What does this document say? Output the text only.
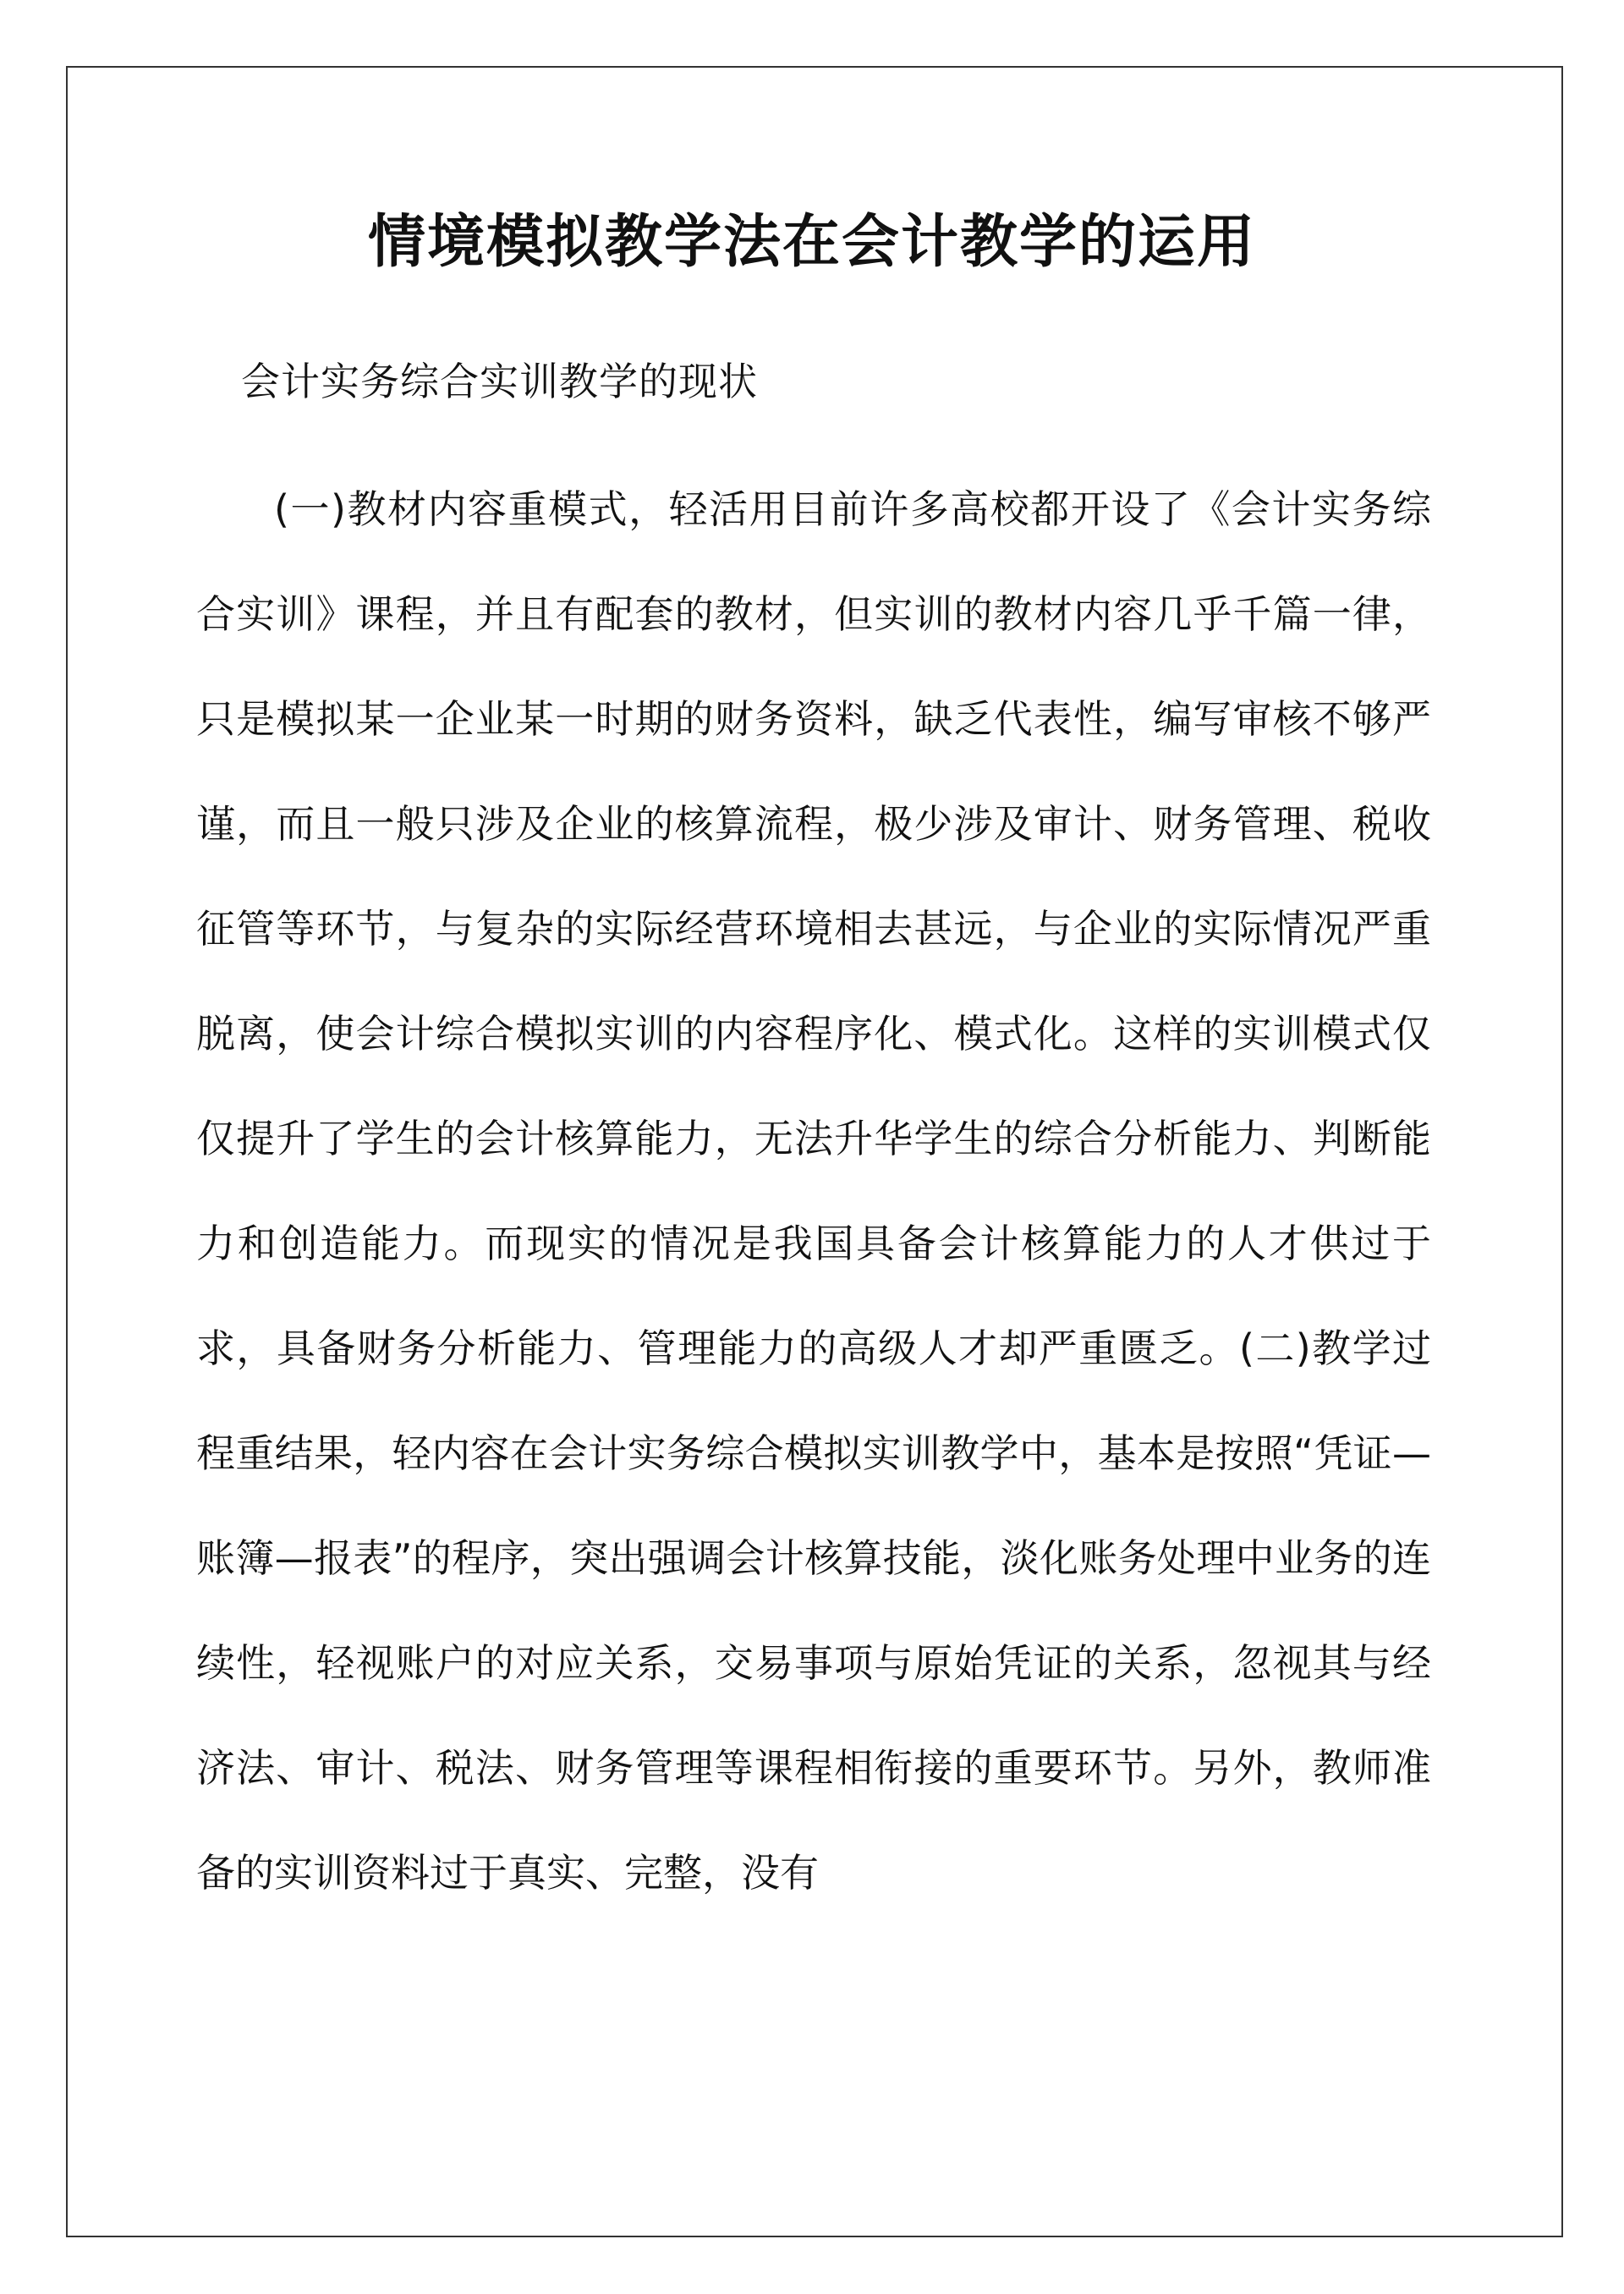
情境模拟教学法在会计教学的运用

会计实务综合实训教学的现状

(一)教材内容重模式，轻活用目前许多高校都开设了《会计实务综合实训》课程，并且有配套的教材，但实训的教材内容几乎千篇一律，只是模拟某一企业某一时期的财务资料，缺乏代表性，编写审核不够严谨，而且一般只涉及企业的核算流程，极少涉及审计、财务管理、税收征管等环节，与复杂的实际经营环境相去甚远，与企业的实际情况严重脱离，使会计综合模拟实训的内容程序化、模式化。这样的实训模式仅仅提升了学生的会计核算能力，无法升华学生的综合分析能力、判断能力和创造能力。而现实的情况是我国具备会计核算能力的人才供过于求，具备财务分析能力、管理能力的高级人才却严重匮乏。(二)教学过程重结果，轻内容在会计实务综合模拟实训教学中，基本是按照“凭证—账簿—报表”的程序，突出强调会计核算技能，淡化账务处理中业务的连续性，轻视账户的对应关系，交易事项与原始凭证的关系，忽视其与经济法、审计、税法、财务管理等课程相衔接的重要环节。另外，教师准备的实训资料过于真实、完整，没有
